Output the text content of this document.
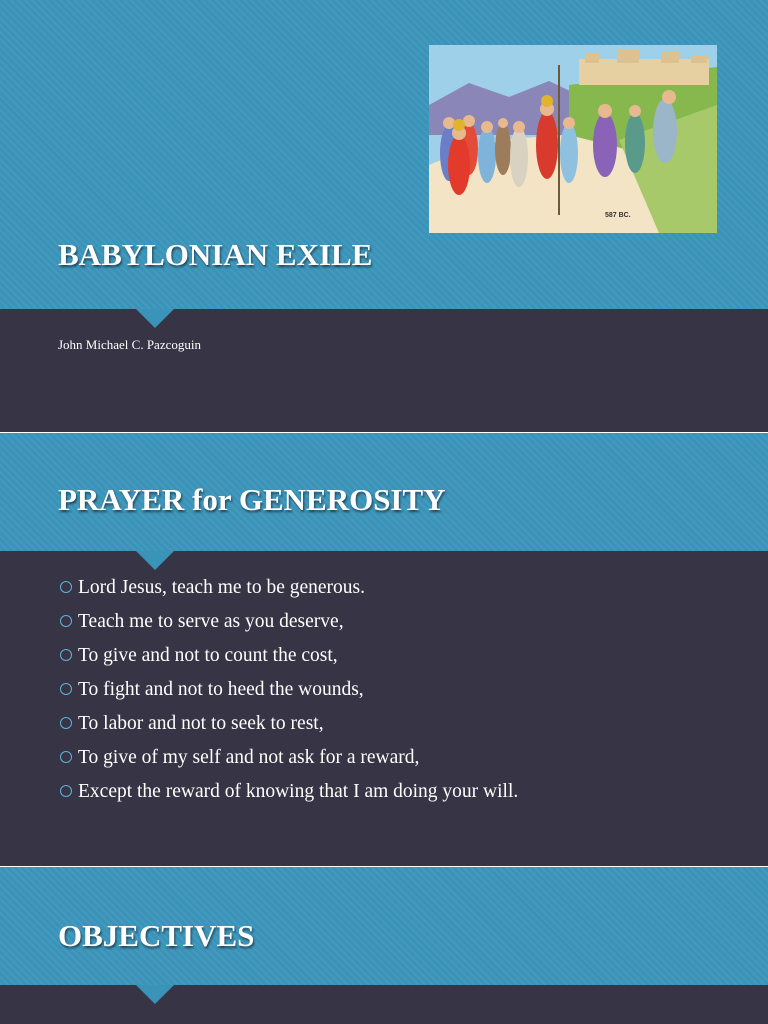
587 BC.
BABYLONIAN EXILE

John Michael C. Pazcoguin

PRAYER for GENEROSITY
Lord Jesus, teach me to be generous.
Teach me to serve as you deserve,
To give and not to count the cost,
To fight and not to heed the wounds,
To labor and not to seek to rest,
To give of my self and not ask for a reward,
Except the reward of knowing that I am doing your will.
OBJECTIVES
